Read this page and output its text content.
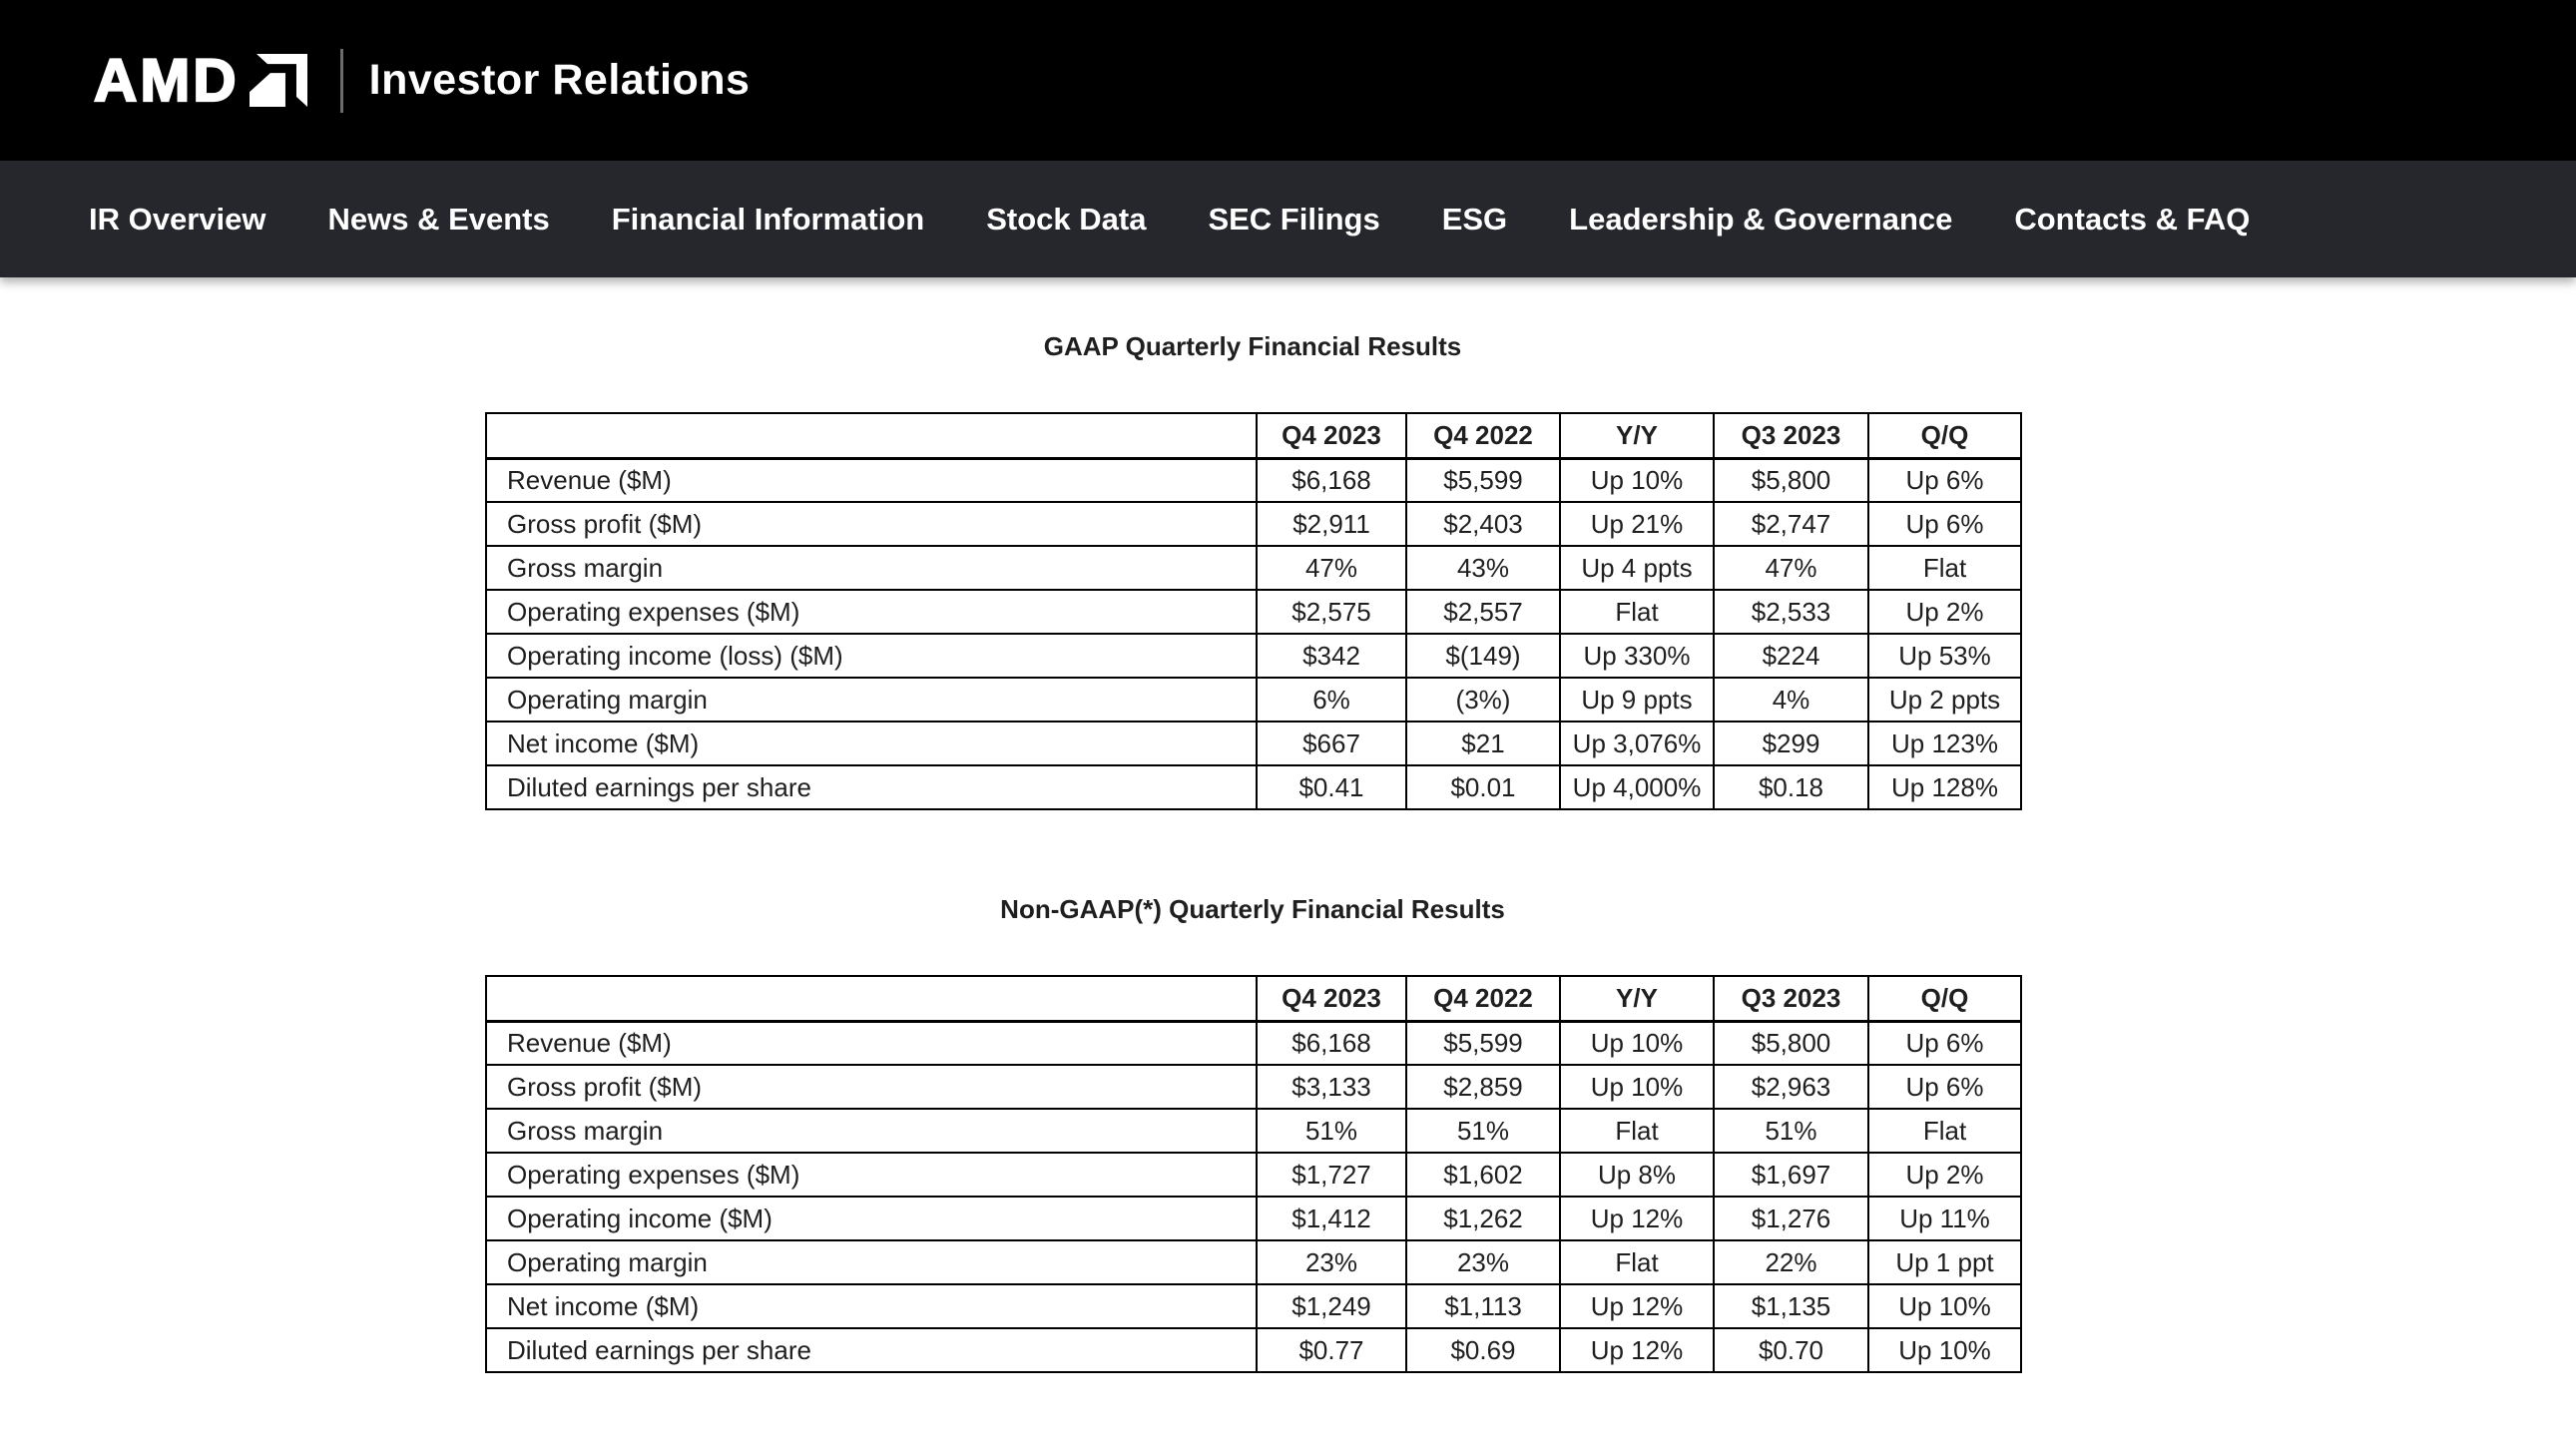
AMD	Investor Relations
IR Overview News & Events Financial Information Stock Data SEC Filings ESG Leadership & Governance Contacts & FAQ
GAAP Quarterly Financial Results
	Q4 2023	Q4 2022	Y/Y	Q3 2023	Q/Q
Revenue ($M)	$6,168	$5,599	Up 10%	$5,800	Up 6%
Gross profit ($M)	$2,911	$2,403	Up 21%	$2,747	Up 6%
Gross margin	47%	43%	Up 4 ppts	47%	Flat
Operating expenses ($M)	$2,575	$2,557	Flat	$2,533	Up 2%
Operating income (loss) ($M)	$342	$(149)	Up 330%	$224	Up 53%
Operating margin	6%	(3%)	Up 9 ppts	4%	Up 2 ppts
Net income ($M)	$667	$21	Up 3,076%	$299	Up 123%
Diluted earnings per share	$0.41	$0.01	Up 4,000%	$0.18	Up 128%
Non-GAAP(*) Quarterly Financial Results
	Q4 2023	Q4 2022	Y/Y	Q3 2023	Q/Q
Revenue ($M)	$6,168	$5,599	Up 10%	$5,800	Up 6%
Gross profit ($M)	$3,133	$2,859	Up 10%	$2,963	Up 6%
Gross margin	51%	51%	Flat	51%	Flat
Operating expenses ($M)	$1,727	$1,602	Up 8%	$1,697	Up 2%
Operating income ($M)	$1,412	$1,262	Up 12%	$1,276	Up 11%
Operating margin	23%	23%	Flat	22%	Up 1 ppt
Net income ($M)	$1,249	$1,113	Up 12%	$1,135	Up 10%
Diluted earnings per share	$0.77	$0.69	Up 12%	$0.70	Up 10%
